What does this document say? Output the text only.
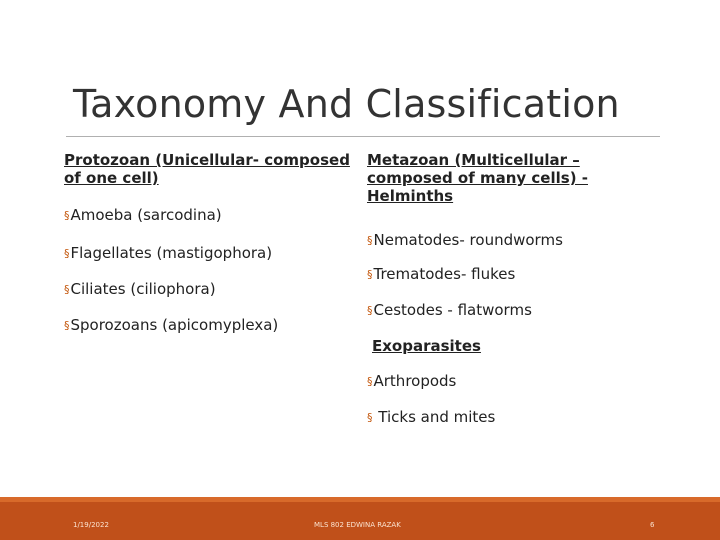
Taxonomy And Classification

Protozoan (Unicellular- composed of one cell)

§Amoeba (sarcodina)
§Flagellates (mastigophora)
§Ciliates (ciliophora)
§Sporozoans (apicomyplexa)

Metazoan (Multicellular – composed of many cells) - Helminths

§Nematodes- roundworms
§Trematodes- flukes
§Cestodes - flatworms
Exoparasites
§Arthropods
§ Ticks and mites
1/19/2022	MLS 802 EDWINA RAZAK	6
